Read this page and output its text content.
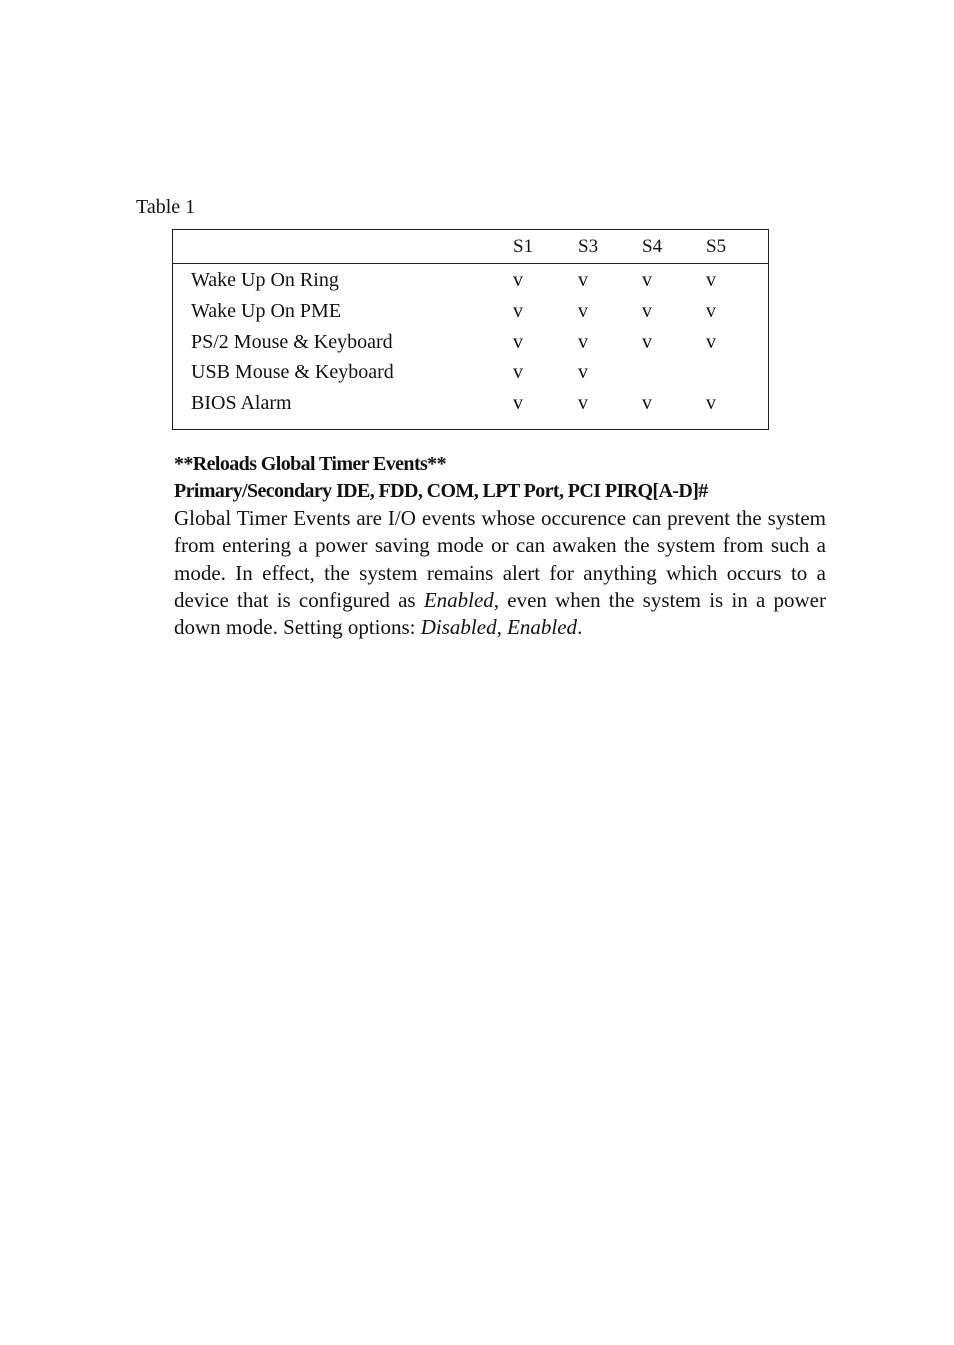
Table 1
S1 S3 S4 S5
Wake Up On Ring	v	v	v	v
Wake Up On PME	v	v	v	v
PS/2 Mouse & Keyboard	v	v	v	v
USB Mouse & Keyboard	v	v
BIOS Alarm	v	v	v	v

**Reloads Global Timer Events**

Primary/Secondary IDE, FDD, COM, LPT Port, PCI PIRQ[A-D]#

Global Timer Events are I/O events whose occurence can prevent the system from entering a power saving mode or can awaken the system from such a mode. In effect, the system remains alert for anything which occurs to a device that is configured as Enabled, even when the system is in a power down mode. Setting options: Disabled, Enabled.
